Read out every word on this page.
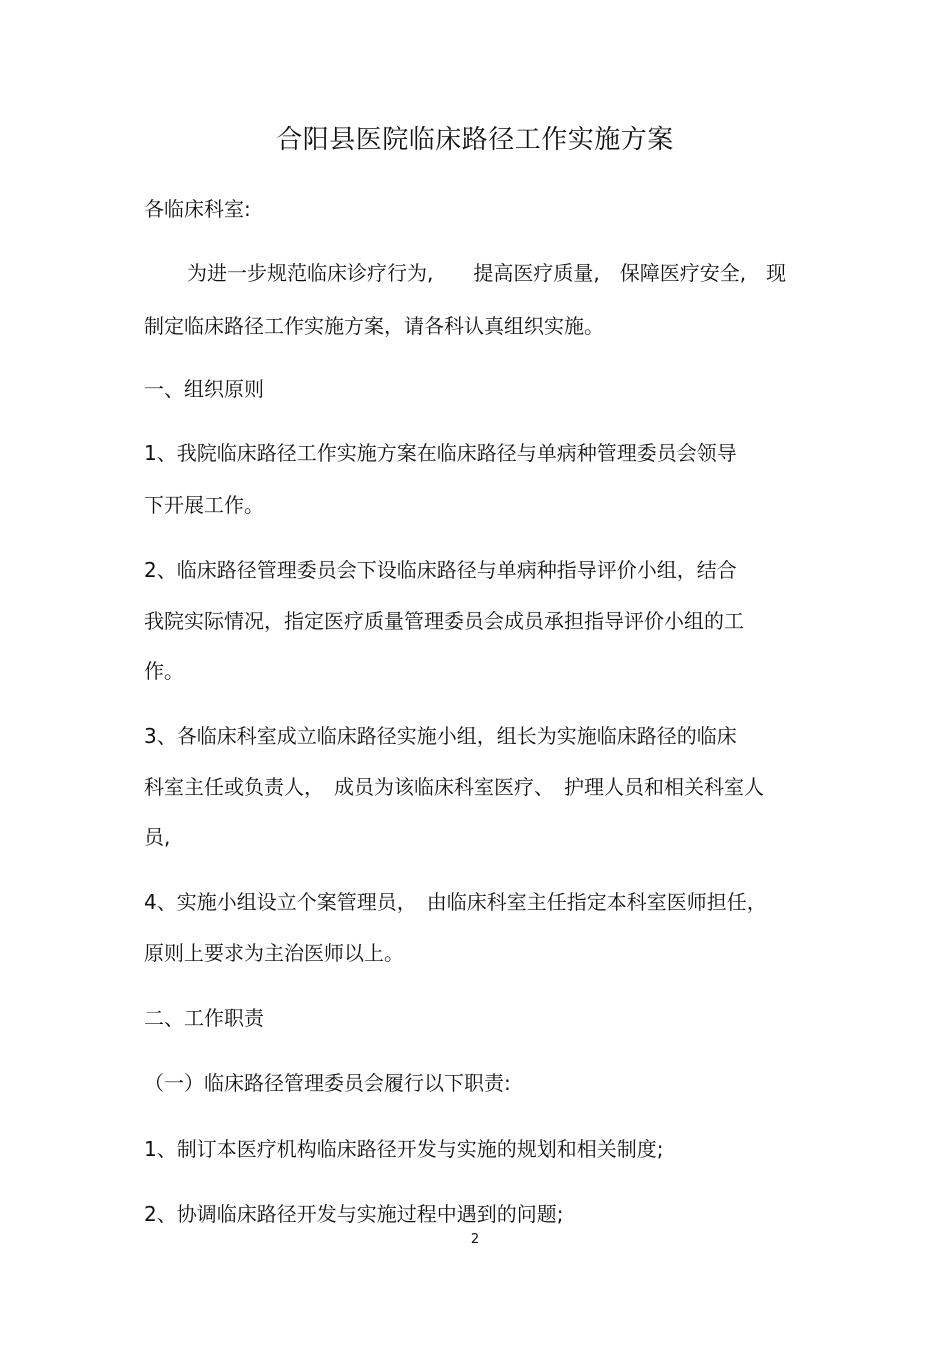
合阳县医院临床路径工作实施方案

各临床科室:

为进一步规范临床诊疗行为,　　提高医疗质量,　保障医疗安全,　现

制定临床路径工作实施方案，请各科认真组织实施。

一、组织原则

1、我院临床路径工作实施方案在临床路径与单病种管理委员会领导

下开展工作。

2、临床路径管理委员会下设临床路径与单病种指导评价小组，结合

我院实际情况，指定医疗质量管理委员会成员承担指导评价小组的工

作。

3、各临床科室成立临床路径实施小组，组长为实施临床路径的临床

科室主任或负责人，　成员为该临床科室医疗、　护理人员和相关科室人

员,

4、实施小组设立个案管理员，　由临床科室主任指定本科室医师担任，

原则上要求为主治医师以上。

二、工作职责

（一）临床路径管理委员会履行以下职责:

1、制订本医疗机构临床路径开发与实施的规划和相关制度;

2、协调临床路径开发与实施过程中遇到的问题;

2
